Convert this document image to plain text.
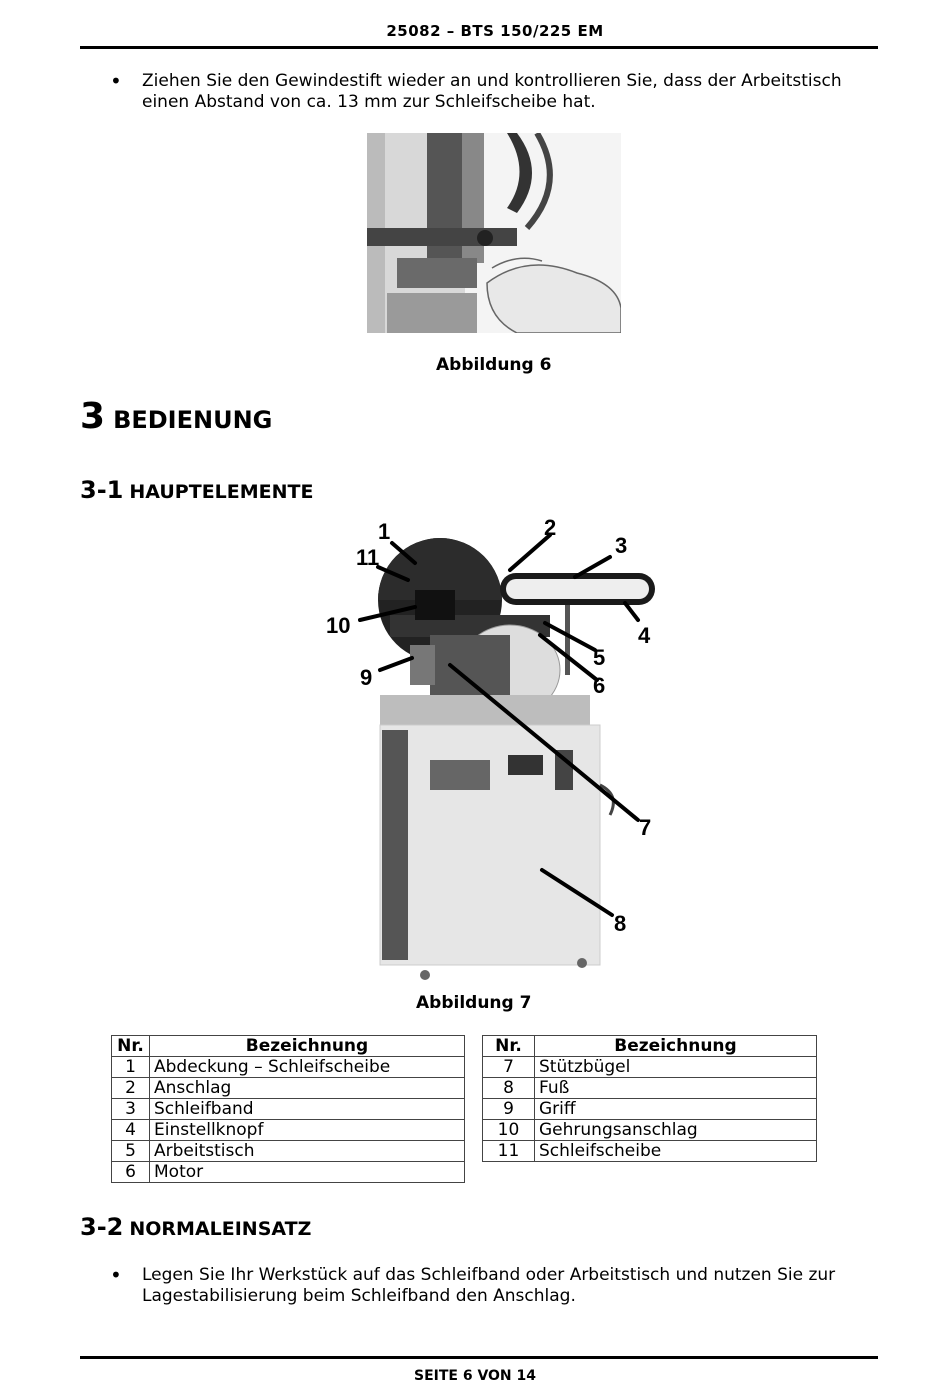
25082 – BTS 150/225 EM
• Ziehen Sie den Gewindestift wieder an und kontrollieren Sie, dass der Arbeitstisch einen Abstand von ca. 13 mm zur Schleifscheibe hat.
Abbildung 6
3 BEDIENUNG
3-1 HAUPTELEMENTE
1
11
2
3
10	4
5
9	6
7
8
Abbildung 7
Nr.	Bezeichnung
1	Abdeckung – Schleifscheibe
2	Anschlag
3	Schleifband
4	Einstellknopf
5	Arbeitstisch
6	Motor
Nr.	Bezeichnung
7	Stützbügel
8	Fuß
9	Griff
10	Gehrungsanschlag
11	Schleifscheibe
3-2 NORMALEINSATZ
• Legen Sie Ihr Werkstück auf das Schleifband oder Arbeitstisch und nutzen Sie zur Lagestabilisierung beim Schleifband den Anschlag.
SEITE 6 VON 14
